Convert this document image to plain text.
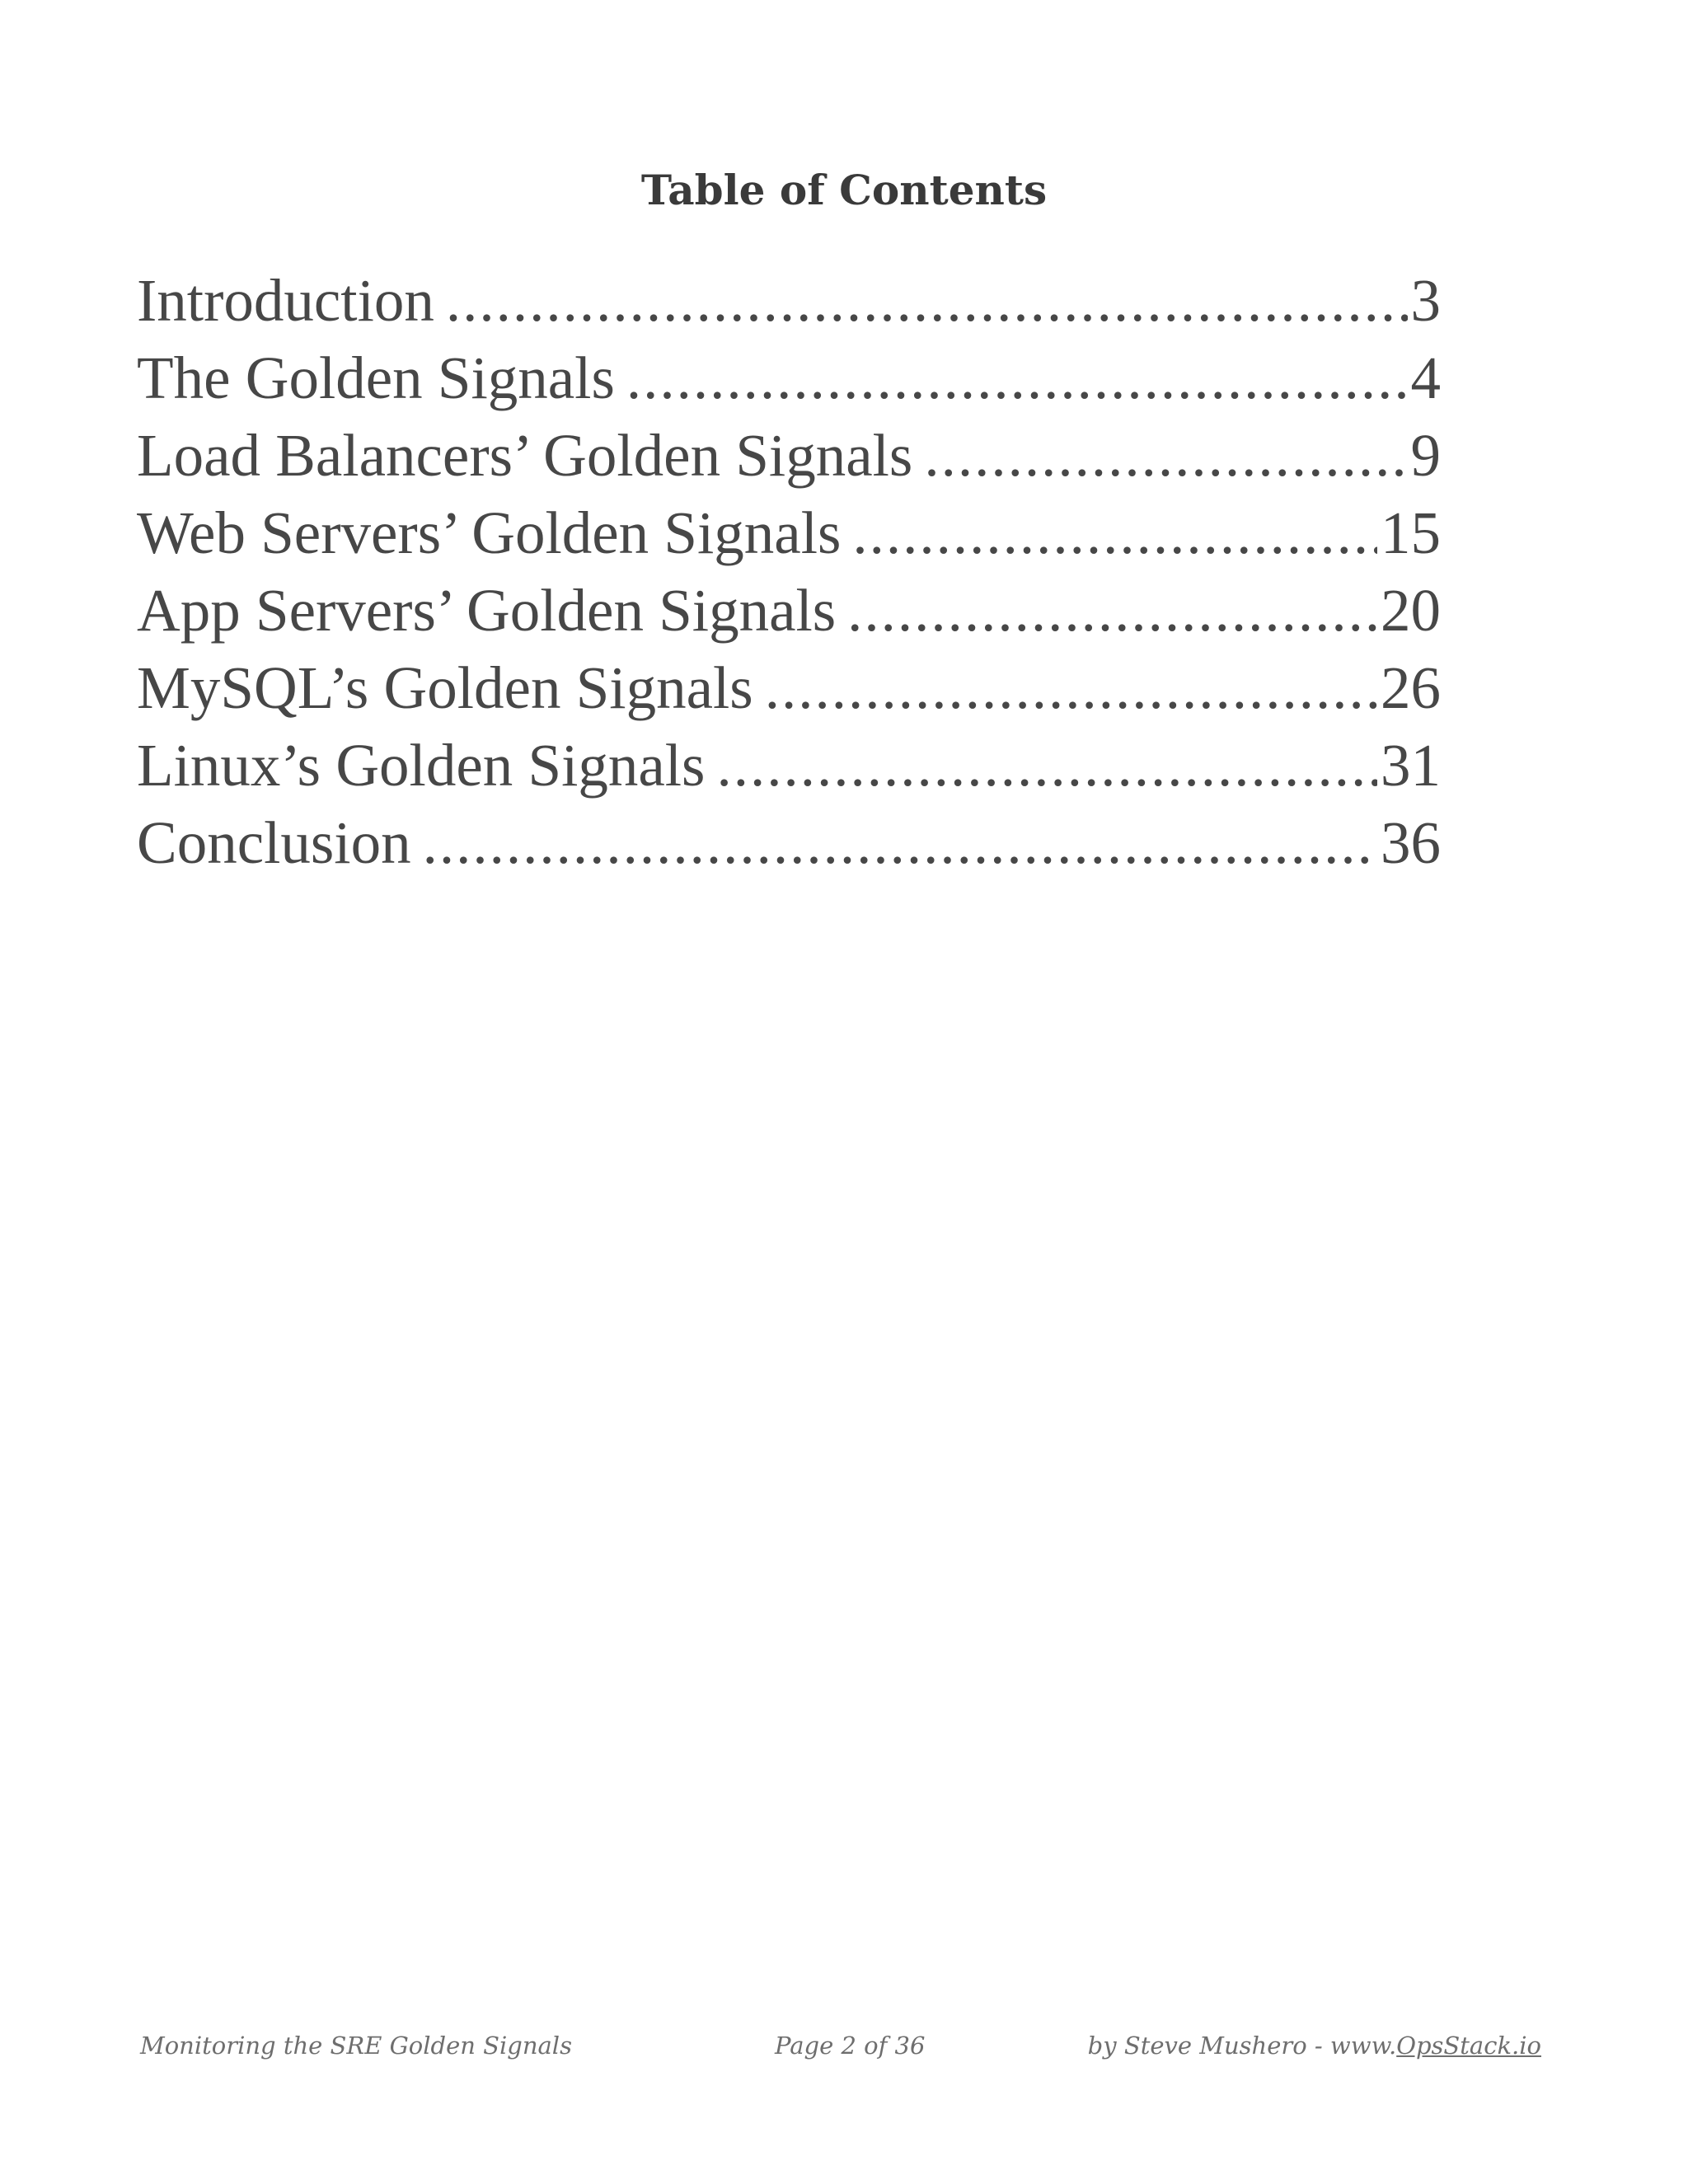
Table of Contents
Introduction .....	3
The Golden Signals .....	4
Load Balancers’ Golden Signals .....	9
Web Servers’ Golden Signals .....	15
App Servers’ Golden Signals .....	20
MySQL’s Golden Signals .....	26
Linux’s Golden Signals .....	31
Conclusion .....	36
Monitoring the SRE Golden Signals	Page 2 of 36	by Steve Mushero - www.OpsStack.io
